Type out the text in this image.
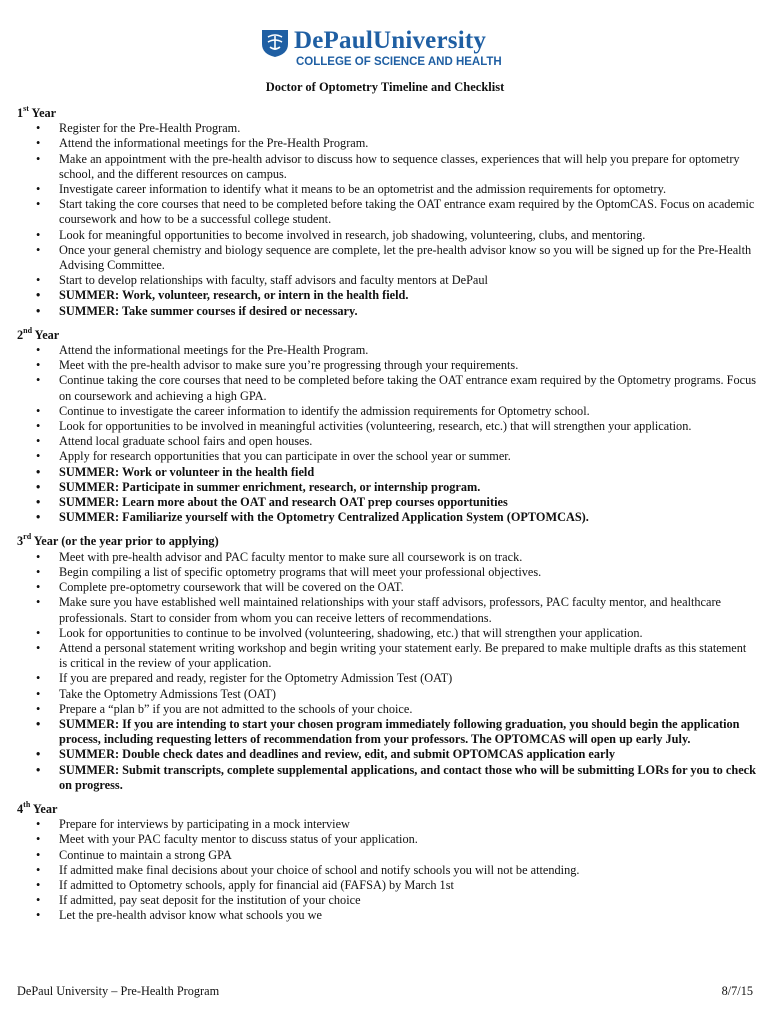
DePaulUniversity
COLLEGE OF SCIENCE AND HEALTH
Doctor of Optometry Timeline and Checklist
1st Year
• Register for the Pre-Health Program.
• Attend the informational meetings for the Pre-Health Program.
• Make an appointment with the pre-health advisor to discuss how to sequence classes, experiences that will help you prepare for optometry school, and the different resources on campus.
• Investigate career information to identify what it means to be an optometrist and the admission requirements for optometry.
• Start taking the core courses that need to be completed before taking the OAT entrance exam required by the OptomCAS. Focus on academic coursework and how to be a successful college student.
• Look for meaningful opportunities to become involved in research, job shadowing, volunteering, clubs, and mentoring.
• Once your general chemistry and biology sequence are complete, let the pre-health advisor know so you will be signed up for the Pre-Health Advising Committee.
• Start to develop relationships with faculty, staff advisors and faculty mentors at DePaul
• SUMMER: Work, volunteer, research, or intern in the health field.
• SUMMER: Take summer courses if desired or necessary.
2nd Year
• Attend the informational meetings for the Pre-Health Program.
• Meet with the pre-health advisor to make sure you’re progressing through your requirements.
• Continue taking the core courses that need to be completed before taking the OAT entrance exam required by the Optometry programs. Focus on coursework and achieving a high GPA.
• Continue to investigate the career information to identify the admission requirements for Optometry school.
• Look for opportunities to be involved in meaningful activities (volunteering, research, etc.) that will strengthen your application.
• Attend local graduate school fairs and open houses.
• Apply for research opportunities that you can participate in over the school year or summer.
• SUMMER: Work or volunteer in the health field
• SUMMER: Participate in summer enrichment, research, or internship program.
• SUMMER: Learn more about the OAT and research OAT prep courses opportunities
• SUMMER: Familiarize yourself with the Optometry Centralized Application System (OPTOMCAS).
3rd Year (or the year prior to applying)
• Meet with pre-health advisor and PAC faculty mentor to make sure all coursework is on track.
• Begin compiling a list of specific optometry programs that will meet your professional objectives.
• Complete pre-optometry coursework that will be covered on the OAT.
• Make sure you have established well maintained relationships with your staff advisors, professors, PAC faculty mentor, and healthcare professionals. Start to consider from whom you can receive letters of recommendations.
• Look for opportunities to continue to be involved (volunteering, shadowing, etc.) that will strengthen your application.
• Attend a personal statement writing workshop and begin writing your statement early. Be prepared to make multiple drafts as this statement is critical in the review of your application.
• If you are prepared and ready, register for the Optometry Admission Test (OAT)
• Take the Optometry Admissions Test (OAT)
• Prepare a “plan b” if you are not admitted to the schools of your choice.
• SUMMER: If you are intending to start your chosen program immediately following graduation, you should begin the application process, including requesting letters of recommendation from your professors. The OPTOMCAS will open up early July.
• SUMMER: Double check dates and deadlines and review, edit, and submit OPTOMCAS application early
• SUMMER: Submit transcripts, complete supplemental applications, and contact those who will be submitting LORs for you to check on progress.
4th Year
• Prepare for interviews by participating in a mock interview
• Meet with your PAC faculty mentor to discuss status of your application.
• Continue to maintain a strong GPA
• If admitted make final decisions about your choice of school and notify schools you will not be attending.
• If admitted to Optometry schools, apply for financial aid (FAFSA) by March 1st
• If admitted, pay seat deposit for the institution of your choice
• Let the pre-health advisor know what schools you we
DePaul University – Pre-Health Program	8/7/15
